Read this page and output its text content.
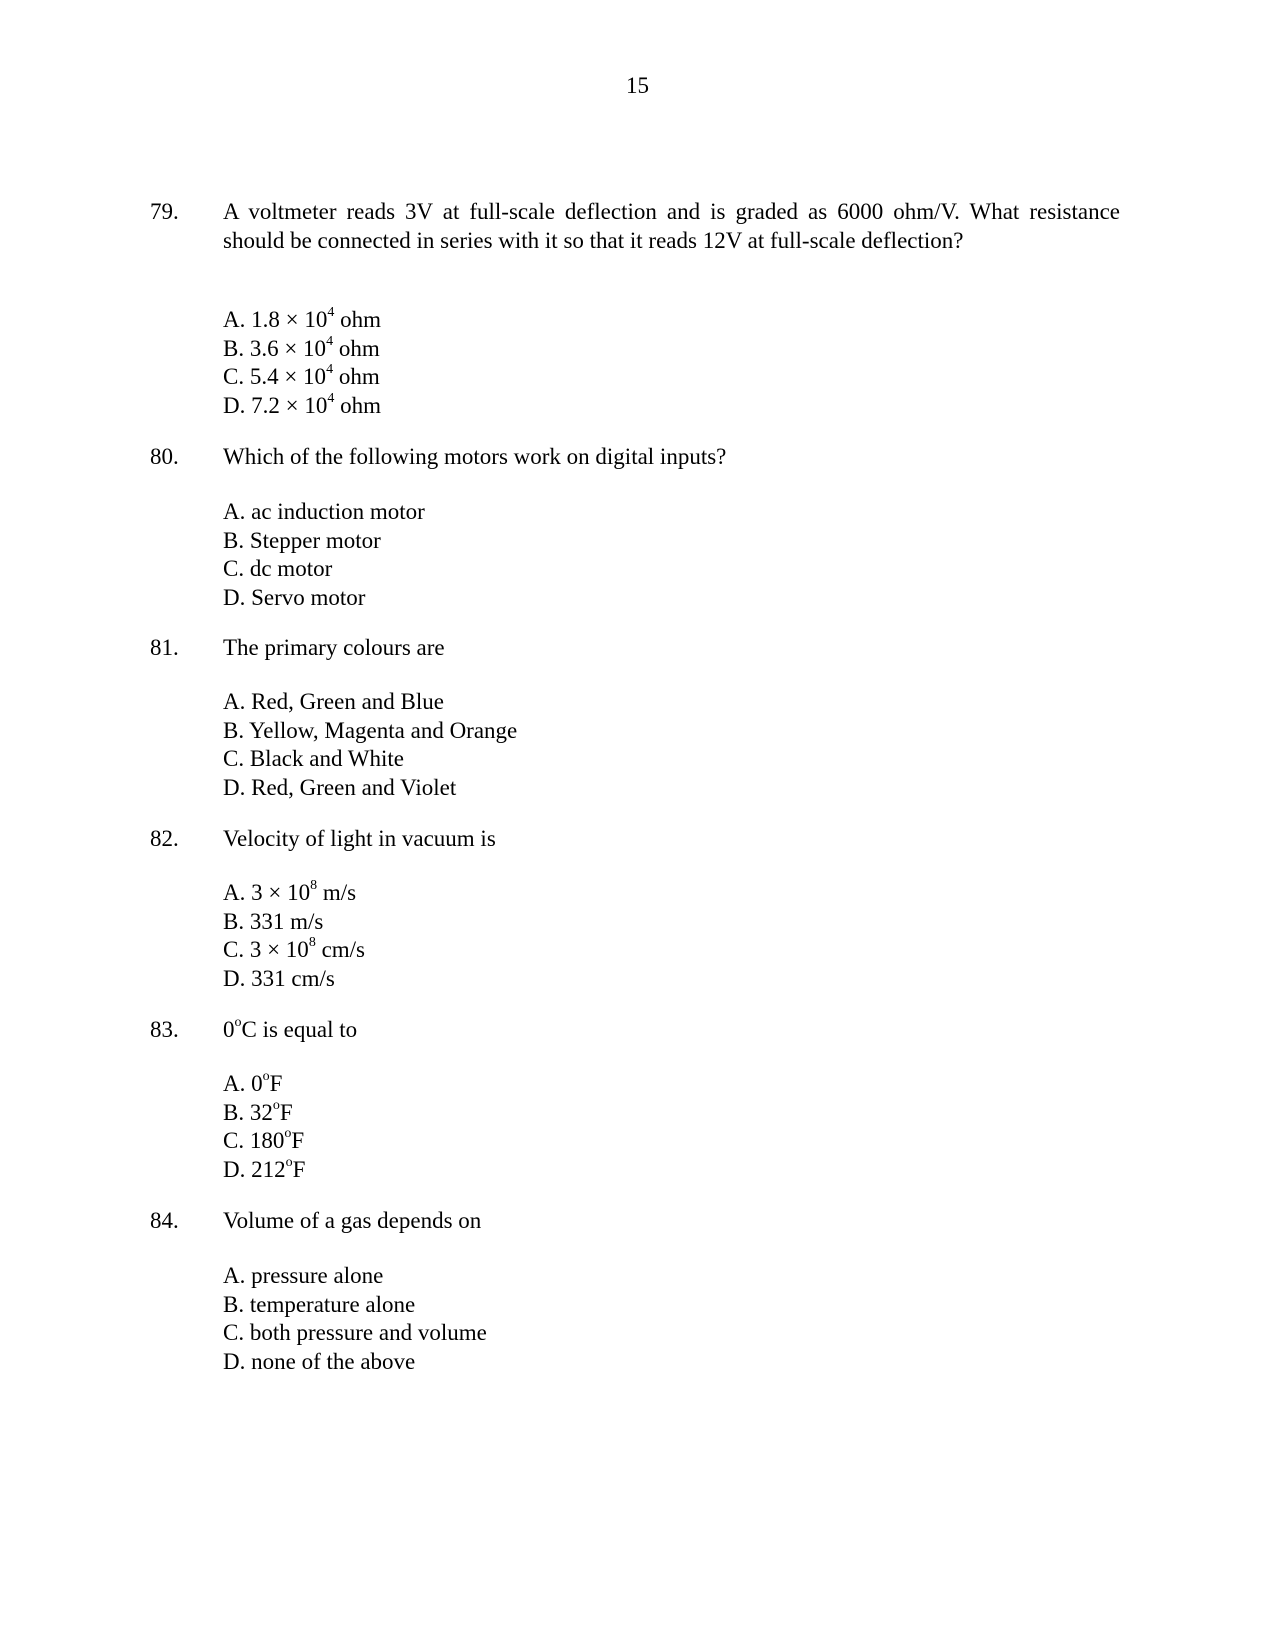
15
79. A voltmeter reads 3V at full-scale deflection and is graded as 6000 ohm/V. What resistance should be connected in series with it so that it reads 12V at full-scale deflection?
A. $1.8 \times 10^4$ ohm
B. $3.6 \times 10^4$ ohm
C. $5.4 \times 10^4$ ohm
D. $7.2 \times 10^4$ ohm
80. Which of the following motors work on digital inputs?
A. ac induction motor
B. Stepper motor
C. dc motor
D. Servo motor
81. The primary colours are
A. Red, Green and Blue
B. Yellow, Magenta and Orange
C. Black and White
D. Red, Green and Violet
82. Velocity of light in vacuum is
A. $3 \times 10^8$ m/s
B. 331 m/s
C. $3 \times 10^8$ cm/s
D. 331 cm/s
83. 0$^o$C is equal to
A. 0$^o$F
B. 32$^o$F
C. 180$^o$F
D. 212$^o$F
84. Volume of a gas depends on
A. pressure alone
B. temperature alone
C. both pressure and volume
D. none of the above
